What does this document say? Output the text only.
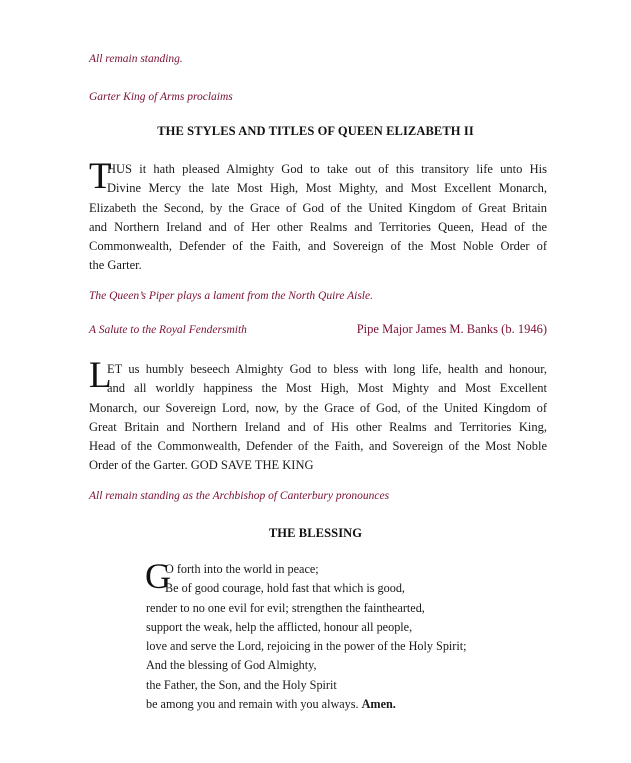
All remain standing.
Garter King of Arms proclaims
THE STYLES AND TITLES OF QUEEN ELIZABETH II
T
HUS it hath pleased Almighty God to take out of this transitory life unto His
Divine Mercy the late Most High, Most Mighty, and Most Excellent Monarch,
Elizabeth the Second, by the Grace of God of the United Kingdom of Great Britain
and Northern Ireland and of Her other Realms and Territories Queen, Head of the
Commonwealth, Defender of the Faith, and Sovereign of the Most Noble Order of
the Garter.
The Queen’s Piper plays a lament from the North Quire Aisle.
A Salute to the Royal Fendersmith	Pipe Major James M. Banks (b. 1946)
L
ET us humbly beseech Almighty God to bless with long life, health and honour,
and all worldly happiness the Most High, Most Mighty and Most Excellent
Monarch, our Sovereign Lord, now, by the Grace of God, of the United Kingdom of
Great Britain and Northern Ireland and of His other Realms and Territories King,
Head of the Commonwealth, Defender of the Faith, and Sovereign of the Most Noble
Order of the Garter. GOD SAVE THE KING
All remain standing as the Archbishop of Canterbury pronounces
THE BLESSING
G
O forth into the world in peace;
Be of good courage, hold fast that which is good,
render to no one evil for evil; strengthen the fainthearted,
support the weak, help the afflicted, honour all people,
love and serve the Lord, rejoicing in the power of the Holy Spirit;
And the blessing of God Almighty,
the Father, the Son, and the Holy Spirit
be among you and remain with you always. Amen.
